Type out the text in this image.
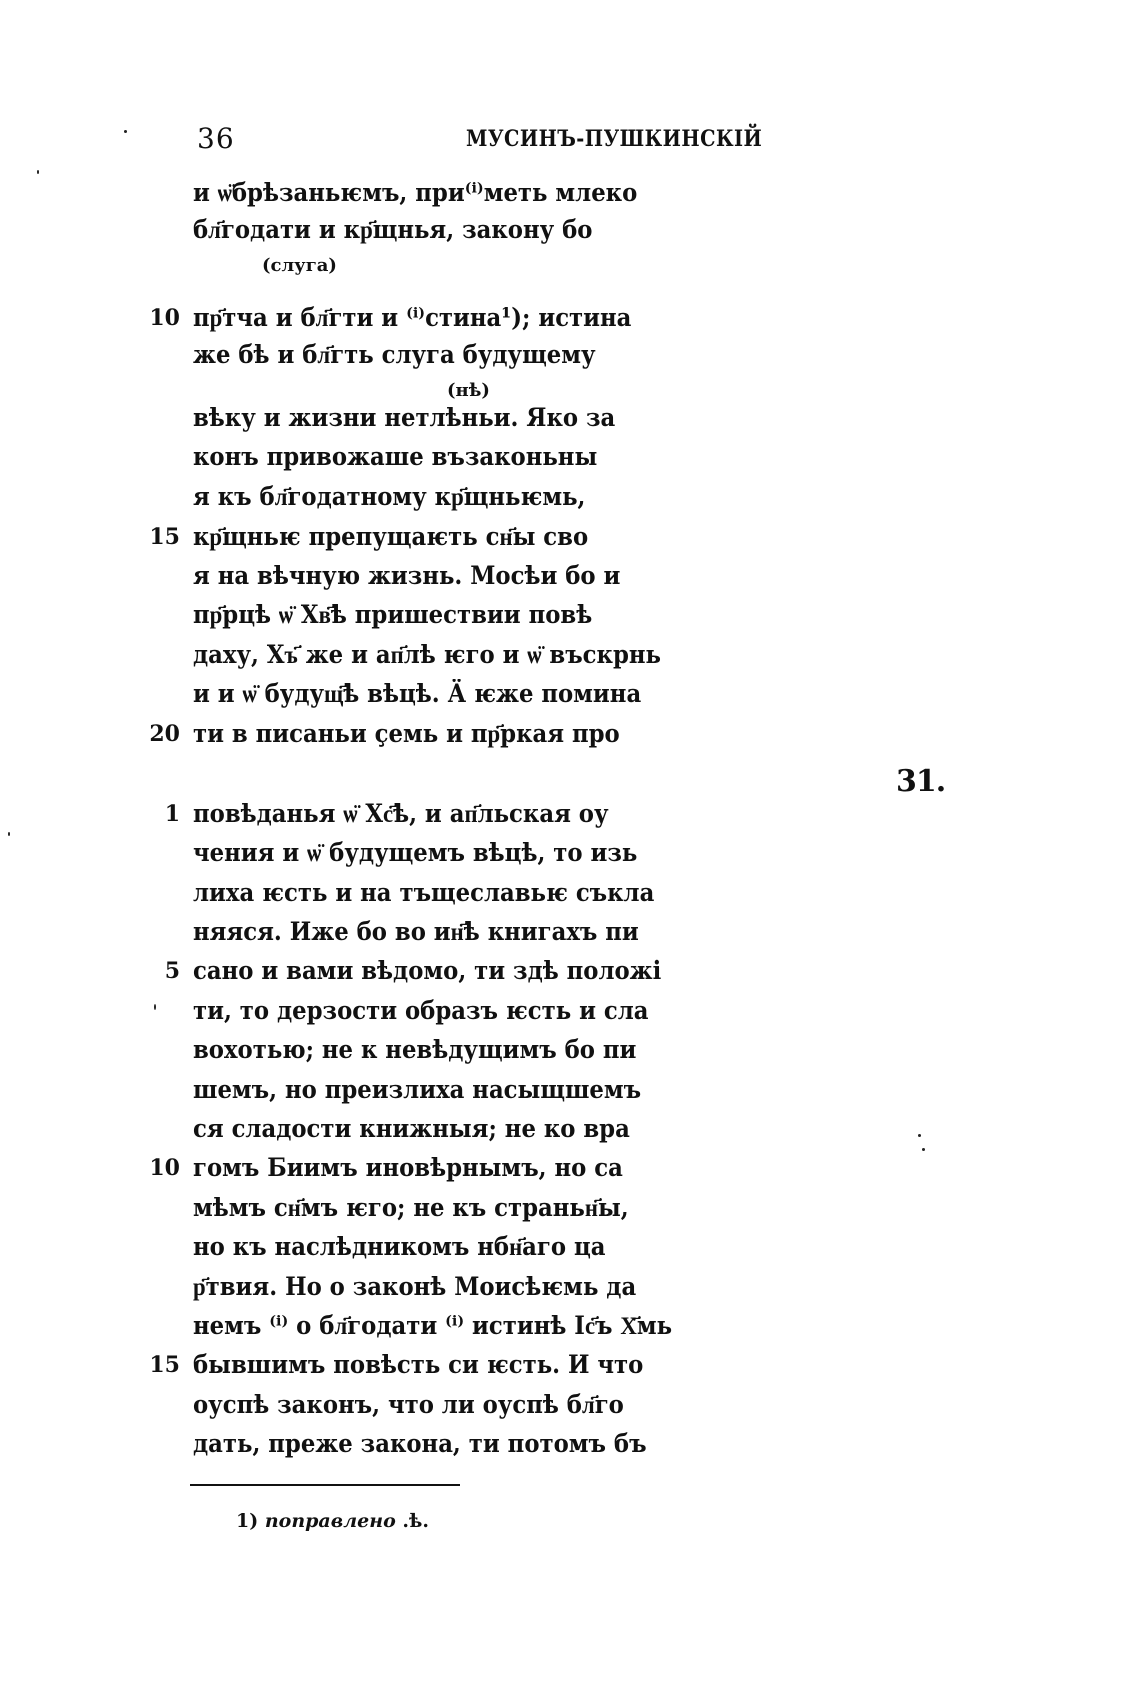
36	МУСИНЪ-ПУШКИНСКІЙ
и ѡ̈брѣзаньѥмъ, при⁽ⁱ⁾меть млеко
бл҃годати и кр҃щнья, закону бо
(слуга)
10 пр҃тча и бл҃гти и ⁽ⁱ⁾стина¹); истина
же бѣ и бл҃гть слуга будущему
(нѣ)
вѣку и жизни нетлѣньи. Яко за
конъ привожаше възаконьны
я къ бл҃годатному кр҃щньѥмь,
15 кр҃щньѥ препущаѥть сн҃ы сво
я на вѣчную жизнь. Мосѣи бо и
пр҃рцѣ ѡ̈ Хв҃ѣ пришествии повѣ
даху, Хъ҃ же и ап҃лѣ ѥго и ѡ̈ въскрнь
и и ѡ̈ будущ҃ѣ вѣцѣ. Ӓ ѥже помина
20 ти в писаньи ҫемь и пр҃ркая про
31.
1 повѣданья ѡ̈ Хс҃ѣ, и ап҃льская оу
чения и ѡ̈ будущемъ вѣцѣ, то изь
лиха ѥсть и на тъщеславьѥ съкла
няяся. Иже бо во ин҃ѣ книгахъ пи
5 сано и вами вѣдомо, ти здѣ положі
ти, то дерзости образъ ѥсть и сла
вохотью; не к невѣдущимъ бо пи
шемъ, но преизлиха насыщшемъ
ся сладости книжныя; не ко вра
10 гомъ Биимъ иновѣрнымъ, но са
мѣмъ сн҃мъ ѥго; не къ страньн҃ы,
но къ наслѣдникомъ нбн҃аго ца
р҃твия. Но о законѣ Моисѣѥмь да
немъ ⁽ⁱ⁾ о бл҃годати ⁽ⁱ⁾ истинѣ Іс҃ъ Х҃мь
15 бывшимъ повѣсть си ѥсть. И что
оуспѣ законъ, что ли оуспѣ бл҃го
дать, преже закона, ти потомъ бъ
1) поправлено .ѣ.
